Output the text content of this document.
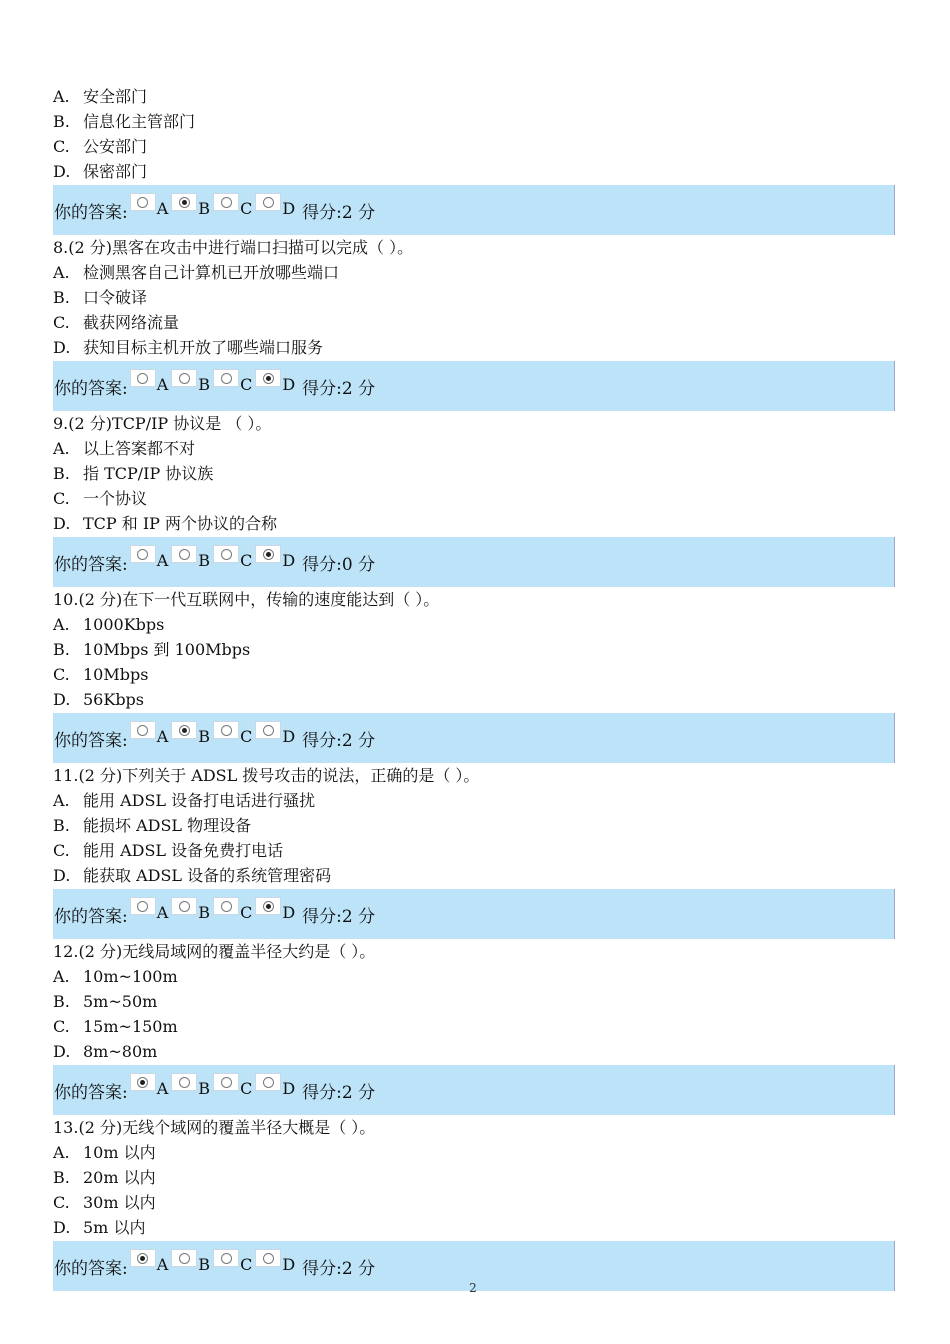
A. 安全部门
B. 信息化主管部门
C. 公安部门
D. 保密部门
你的答案: A B C D 得分:2 分
8.(2 分)黑客在攻击中进行端口扫描可以完成（ ）。
A. 检测黑客自己计算机已开放哪些端口
B. 口令破译
C. 截获网络流量
D. 获知目标主机开放了哪些端口服务
你的答案: A B C D 得分:2 分
9.(2 分)TCP/IP 协议是 （ ）。
A. 以上答案都不对
B. 指 TCP/IP 协议族
C. 一个协议
D. TCP 和 IP 两个协议的合称
你的答案: A B C D 得分:0 分
10.(2 分)在下一代互联网中，传输的速度能达到（ ）。
A. 1000Kbps
B. 10Mbps 到 100Mbps
C. 10Mbps
D. 56Kbps
你的答案: A B C D 得分:2 分
11.(2 分)下列关于 ADSL 拨号攻击的说法，正确的是（ ）。
A. 能用 ADSL 设备打电话进行骚扰
B. 能损坏 ADSL 物理设备
C. 能用 ADSL 设备免费打电话
D. 能获取 ADSL 设备的系统管理密码
你的答案: A B C D 得分:2 分
12.(2 分)无线局域网的覆盖半径大约是（ ）。
A. 10m~100m
B. 5m~50m
C. 15m~150m
D. 8m~80m
你的答案: A B C D 得分:2 分
13.(2 分)无线个域网的覆盖半径大概是（ ）。
A. 10m 以内
B. 20m 以内
C. 30m 以内
D. 5m 以内
你的答案: A B C D 得分:2 分
2
